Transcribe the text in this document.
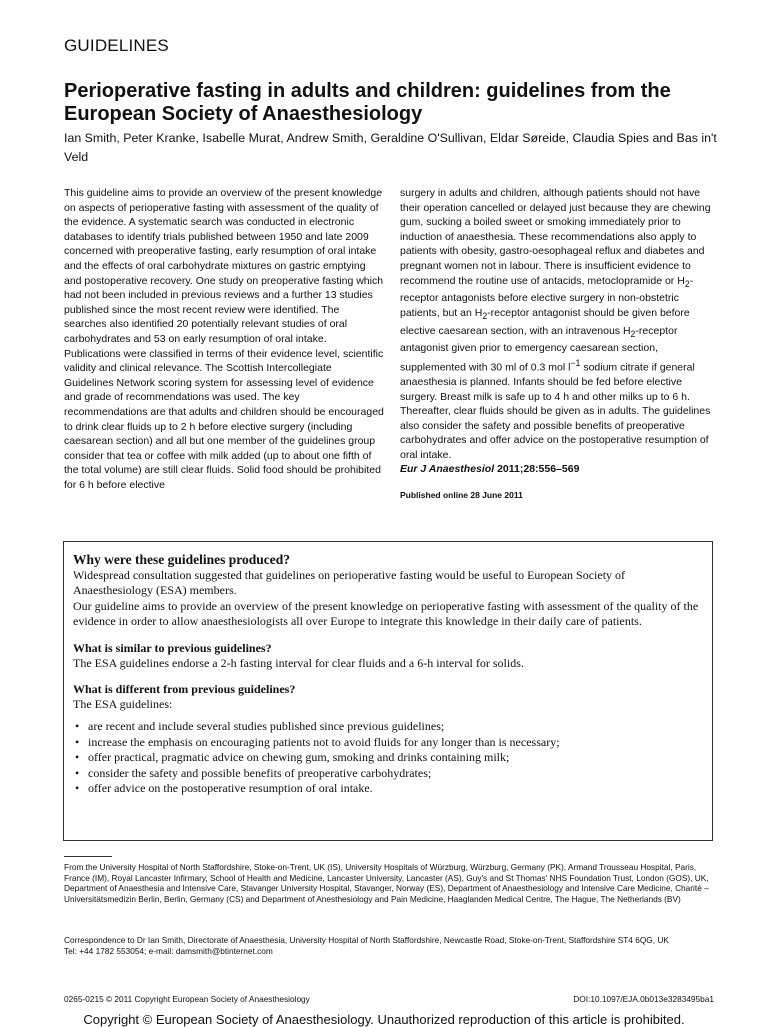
GUIDELINES
Perioperative fasting in adults and children: guidelines from the European Society of Anaesthesiology
Ian Smith, Peter Kranke, Isabelle Murat, Andrew Smith, Geraldine O'Sullivan, Eldar Søreide, Claudia Spies and Bas in't Veld

This guideline aims to provide an overview of the present knowledge on aspects of perioperative fasting with assessment of the quality of the evidence. A systematic search was conducted in electronic databases to identify trials published between 1950 and late 2009 concerned with preoperative fasting, early resumption of oral intake and the effects of oral carbohydrate mixtures on gastric emptying and postoperative recovery. One study on preoperative fasting which had not been included in previous reviews and a further 13 studies published since the most recent review were identified. The searches also identified 20 potentially relevant studies of oral carbohydrates and 53 on early resumption of oral intake. Publications were classified in terms of their evidence level, scientific validity and clinical relevance. The Scottish Intercollegiate Guidelines Network scoring system for assessing level of evidence and grade of recommendations was used. The key recommendations are that adults and children should be encouraged to drink clear fluids up to 2 h before elective surgery (including caesarean section) and all but one member of the guidelines group consider that tea or coffee with milk added (up to about one fifth of the total volume) are still clear fluids. Solid food should be prohibited for 6 h before elective

surgery in adults and children, although patients should not have their operation cancelled or delayed just because they are chewing gum, sucking a boiled sweet or smoking immediately prior to induction of anaesthesia. These recommendations also apply to patients with obesity, gastro-oesophageal reflux and diabetes and pregnant women not in labour. There is insufficient evidence to recommend the routine use of antacids, metoclopramide or $H_2$-receptor antagonists before elective surgery in non-obstetric patients, but an $H_2$-receptor antagonist should be given before elective caesarean section, with an intravenous $H_2$-receptor antagonist given prior to emergency caesarean section, supplemented with 30 ml of 0.3 mol $l^{-1}$ sodium citrate if general anaesthesia is planned. Infants should be fed before elective surgery. Breast milk is safe up to 4 h and other milks up to 6 h. Thereafter, clear fluids should be given as in adults. The guidelines also consider the safety and possible benefits of preoperative carbohydrates and offer advice on the postoperative resumption of oral intake.

Eur J Anaesthesiol 2011;28:556–569

Published online 28 June 2011

Why were these guidelines produced?

Widespread consultation suggested that guidelines on perioperative fasting would be useful to European Society of Anaesthesiology (ESA) members.

Our guideline aims to provide an overview of the present knowledge on perioperative fasting with assessment of the quality of the evidence in order to allow anaesthesiologists all over Europe to integrate this knowledge in their daily care of patients.

What is similar to previous guidelines?

The ESA guidelines endorse a 2-h fasting interval for clear fluids and a 6-h interval for solids.

What is different from previous guidelines?

The ESA guidelines:

• are recent and include several studies published since previous guidelines;
• increase the emphasis on encouraging patients not to avoid fluids for any longer than is necessary;
• offer practical, pragmatic advice on chewing gum, smoking and drinks containing milk;
• consider the safety and possible benefits of preoperative carbohydrates;
• offer advice on the postoperative resumption of oral intake.
From the University Hospital of North Staffordshire, Stoke-on-Trent, UK (IS), University Hospitals of Würzburg, Würzburg, Germany (PK), Armand Trousseau Hospital, Paris, France (IM), Royal Lancaster Infirmary, School of Health and Medicine, Lancaster University, Lancaster (AS), Guy's and St Thomas' NHS Foundation Trust, London (GOS), UK, Department of Anaesthesia and Intensive Care, Stavanger University Hospital, Stavanger, Norway (ES), Department of Anaesthesiology and Intensive Care Medicine, Charité – Universitätsmedizin Berlin, Berlin, Germany (CS) and Department of Anesthesiology and Pain Medicine, Haaglanden Medical Centre, The Hague, The Netherlands (BV)
Correspondence to Dr Ian Smith, Directorate of Anaesthesia, University Hospital of North Staffordshire, Newcastle Road, Stoke-on-Trent, Staffordshire ST4 6QG, UK
Tel: +44 1782 553054; e-mail: damsmith@btinternet.com
0265-0215 © 2011 Copyright European Society of Anaesthesiology	DOI:10.1097/EJA.0b013e3283495ba1
Copyright © European Society of Anaesthesiology. Unauthorized reproduction of this article is prohibited.
